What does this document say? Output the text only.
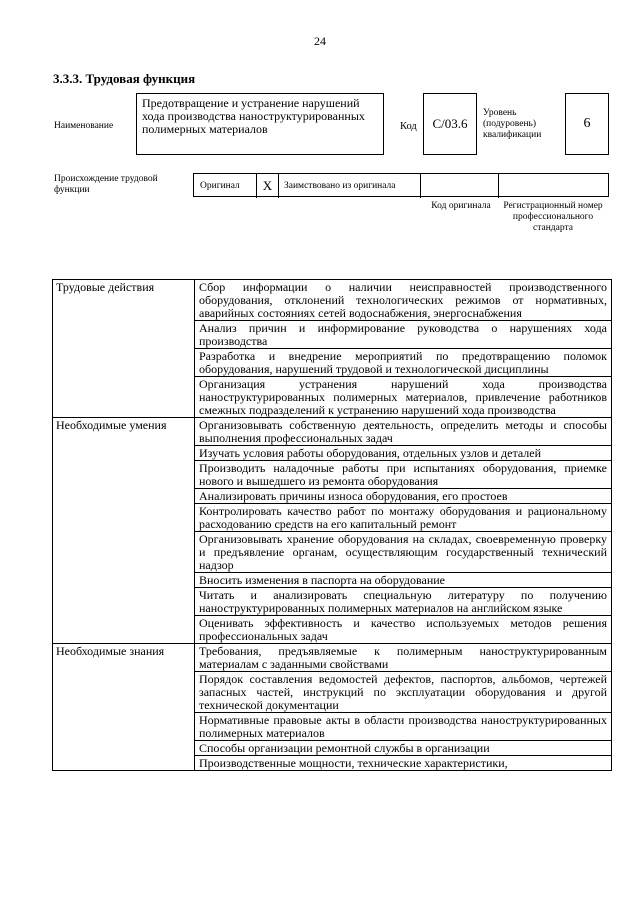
24
3.3.3. Трудовая функция
Наименование
Предотвращение и устранение нарушений хода производства наноструктурированных полимерных материалов	Код C/03.6
Уровень (подуровень) квалификации
6
Происхождение трудовой функции	Оригинал X Заимствовано из оригинала
Код оригинала	Регистрационный номер профессионального стандарта
Трудовые действия	Сбор информации о наличии неисправностей производственного оборудования, отклонений технологических режимов от нормативных, аварийных состояниях сетей водоснабжения, энергоснабжения
	Анализ причин и информирование руководства о нарушениях хода производства
	Разработка и внедрение мероприятий по предотвращению поломок оборудования, нарушений трудовой и технологической дисциплины
	Организация устранения нарушений хода производства наноструктурированных полимерных материалов, привлечение работников смежных подразделений к устранению нарушений хода производства
Необходимые умения	Организовывать собственную деятельность, определить методы и способы выполнения профессиональных задач
	Изучать условия работы оборудования, отдельных узлов и деталей
	Производить наладочные работы при испытаниях оборудования, приемке нового и вышедшего из ремонта оборудования
	Анализировать причины износа оборудования, его простоев
	Контролировать качество работ по монтажу оборудования и рациональному расходованию средств на его капитальный ремонт
	Организовывать хранение оборудования на складах, своевременную проверку и предъявление органам, осуществляющим государственный технический надзор
	Вносить изменения в паспорта на оборудование
	Читать и анализировать специальную литературу по получению наноструктурированных полимерных материалов на английском языке
	Оценивать эффективность и качество используемых методов решения профессиональных задач
Необходимые знания	Требования, предъявляемые к полимерным наноструктурированным материалам с заданными свойствами
	Порядок составления ведомостей дефектов, паспортов, альбомов, чертежей запасных частей, инструкций по эксплуатации оборудования и другой технической документации
	Нормативные правовые акты в области производства наноструктурированных полимерных материалов
	Способы организации ремонтной службы в организации
	Производственные мощности, технические характеристики,
